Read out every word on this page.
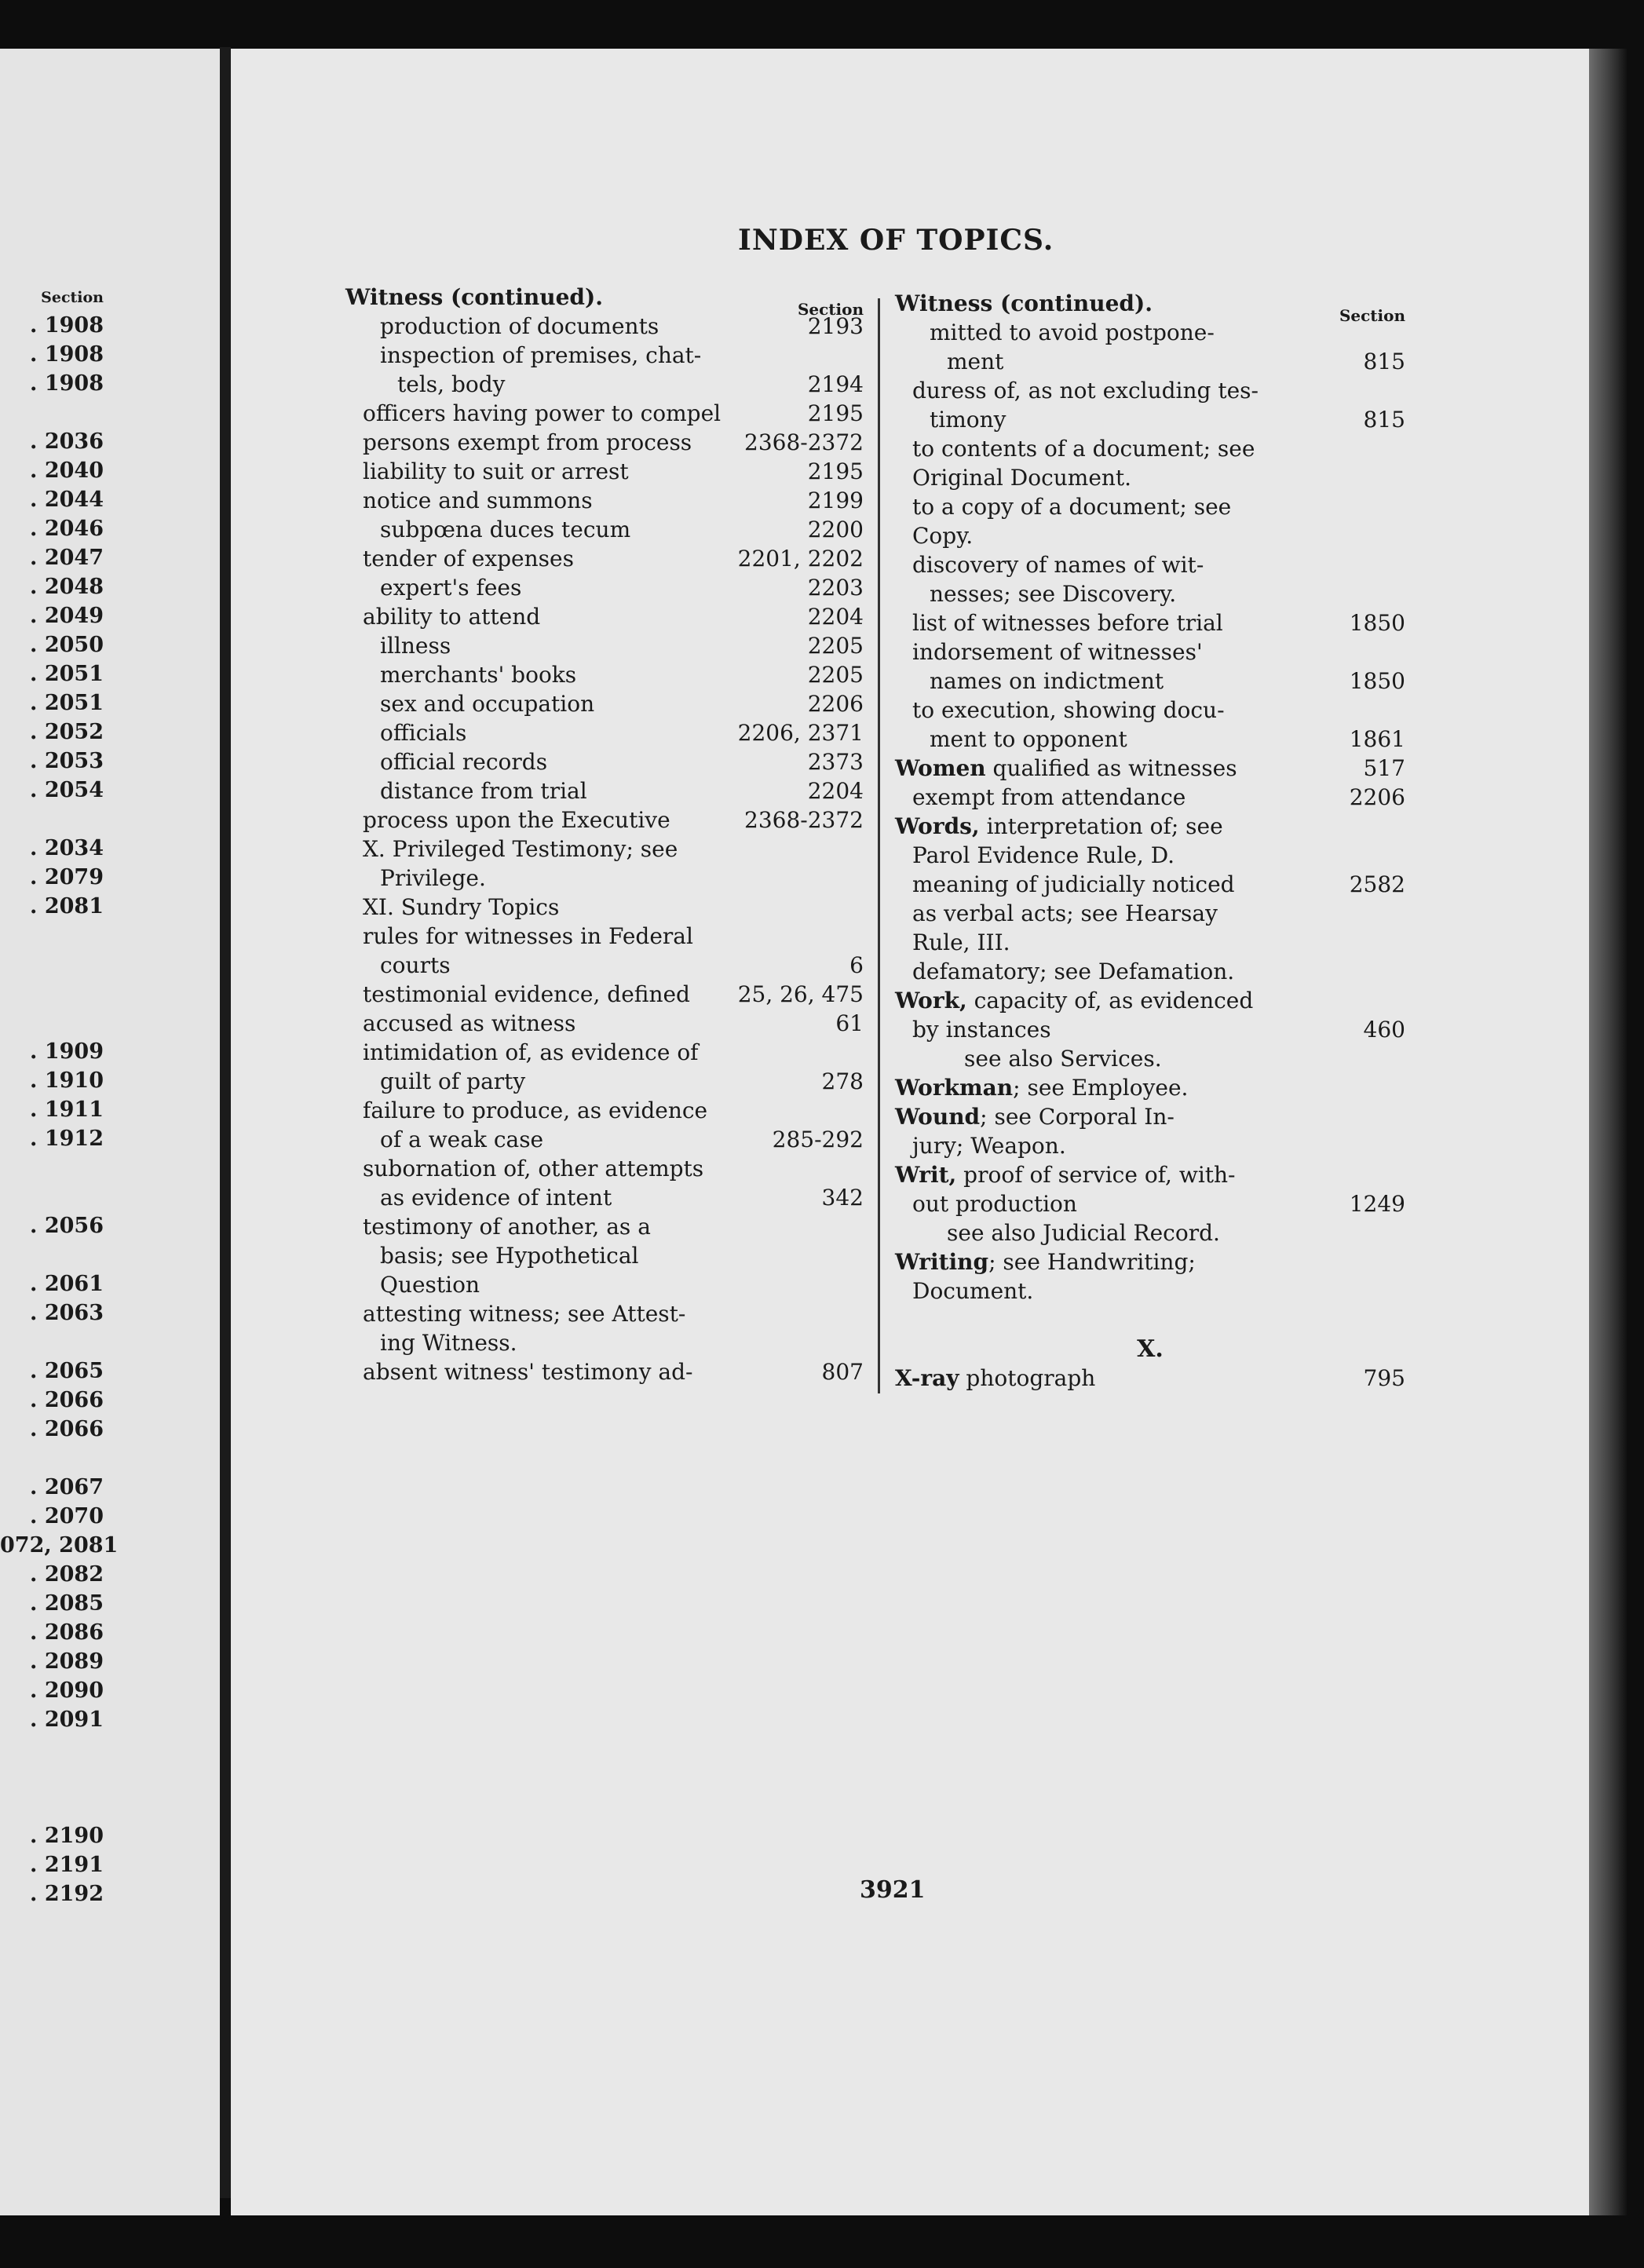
Section
. 1908
. 1908
. 1908
. 2036
. 2040
. 2044
. 2046
. 2047
. 2048
. 2049
. 2050
. 2051
. 2051
. 2052
. 2053
. 2054
. 2034
. 2079
. 2081
. 1909
. 1910
. 1911
. 1912
. 2056
. 2061
. 2063
. 2065
. 2066
. 2066
. 2067
. 2070
072, 2081
. 2082
. 2085
. 2086
. 2089
. 2090
. 2091
. 2190
. 2191
. 2192
INDEX OF TOPICS.
Section
Witness (continued).
production of documents	2193
inspection of premises, chat-
tels, body	2194
officers having power to compel	2195
persons exempt from process 2368-2372
liability to suit or arrest	2195
notice and summons	2199
subpœna duces tecum	2200
tender of expenses	2201, 2202
expert's fees	2203
ability to attend	2204
illness	2205
merchants' books	2205
sex and occupation	2206
officials	2206, 2371
official records	2373
distance from trial	2204
process upon the Executive	2368-2372
X. Privileged Testimony; see
Privilege.
XI. Sundry Topics
rules for witnesses in Federal
courts	6
testimonial evidence, defined 25, 26, 475
accused as witness	61
intimidation of, as evidence of
guilt of party	278
failure to produce, as evidence
of a weak case	285-292
subornation of, other attempts
as evidence of intent	342
testimony of another, as a
basis; see Hypothetical
Question
attesting witness; see Attest-
ing Witness.
absent witness' testimony ad-	807
Section
Witness (continued).
mitted to avoid postpone-
ment	815
duress of, as not excluding tes-
timony	815
to contents of a document; see
Original Document.
to a copy of a document; see
Copy.
discovery of names of wit-
nesses; see Discovery.
list of witnesses before trial	1850
indorsement of witnesses'
names on indictment	1850
to execution, showing docu-
ment to opponent	1861
Women qualified as witnesses	517
exempt from attendance	2206
Words, interpretation of; see
Parol Evidence Rule, D.
meaning of judicially noticed	2582
as verbal acts; see Hearsay
Rule, III.
defamatory; see Defamation.
Work, capacity of, as evidenced
by instances	460
see also Services.
Workman; see Employee.
Wound; see Corporal In-
jury; Weapon.
Writ, proof of service of, with-
out production	1249
see also Judicial Record.
Writing; see Handwriting;
Document.
X.
X-ray photograph	795
3921
